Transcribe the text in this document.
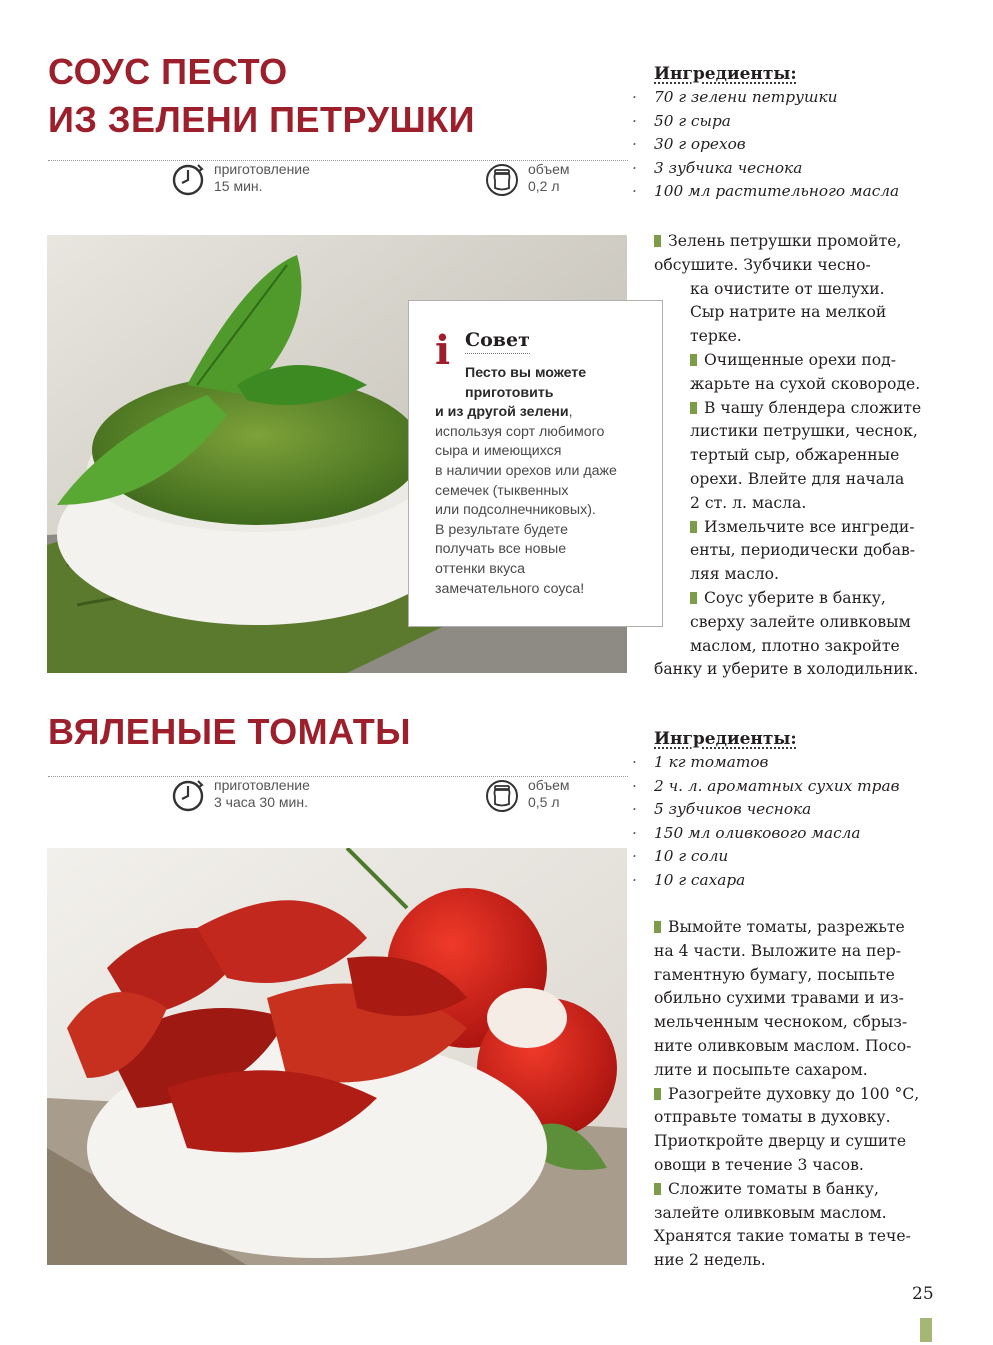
СОУС ПЕСТО
ИЗ ЗЕЛЕНИ ПЕТРУШКИ
приготовление
15 мин.
объем
0,2 л
i Совет
Песто вы можете
приготовить
и из другой зелени,
используя сорт любимого
сыра и имеющихся
в наличии орехов или даже
семечек (тыквенных
или подсолнечниковых).
В результате будете
получать все новые
оттенки вкуса
замечательного соуса!
Ингредиенты:
· 70 г зелени петрушки
· 50 г сыра
· 30 г орехов
· 3 зубчика чеснока
· 100 мл растительного масла
Зелень петрушки промойте,
обсушите. Зубчики чесно-
ка очистите от шелухи.
Сыр натрите на мелкой
терке.
Очищенные орехи под-
жарьте на сухой сковороде.
В чашу блендера сложите
листики петрушки, чеснок,
тертый сыр, обжаренные
орехи. Влейте для начала
2 ст. л. масла.
Измельчите все ингреди-
енты, периодически добав-
ляя масло.
Соус уберите в банку,
сверху залейте оливковым
маслом, плотно закройте
банку и уберите в холодильник.
ВЯЛЕНЫЕ ТОМАТЫ
приготовление
3 часа 30 мин.
объем
0,5 л
Ингредиенты:
· 1 кг томатов
· 2 ч. л. ароматных сухих трав
· 5 зубчиков чеснока
· 150 мл оливкового масла
· 10 г соли
· 10 г сахара
Вымойте томаты, разрежьте
на 4 части. Выложите на пер-
гаментную бумагу, посыпьте
обильно сухими травами и из-
мельченным чесноком, сбрыз-
ните оливковым маслом. Посо-
лите и посыпьте сахаром.
Разогрейте духовку до 100 °С,
отправьте томаты в духовку.
Приоткройте дверцу и сушите
овощи в течение 3 часов.
Сложите томаты в банку,
залейте оливковым маслом.
Хранятся такие томаты в тече-
ние 2 недель.
25
